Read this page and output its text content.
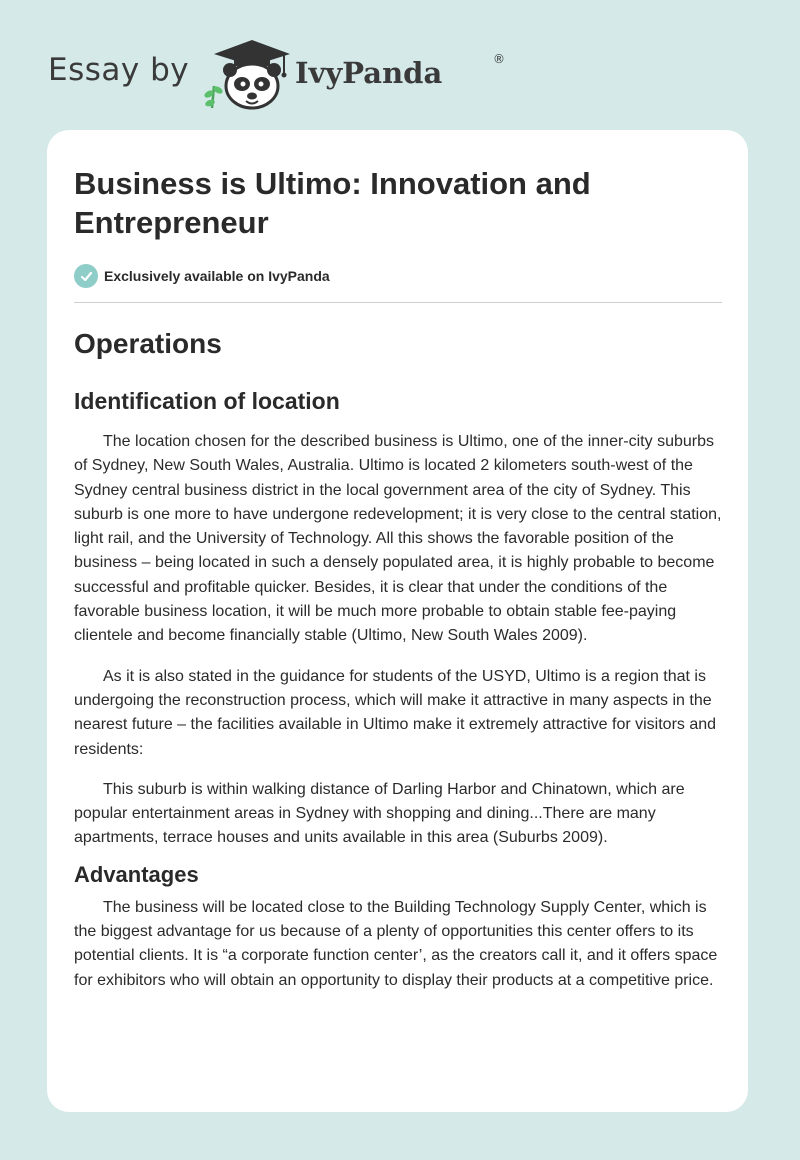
Essay by	IvyPanda	®
Business is Ultimo: Innovation and Entrepreneur
Exclusively available on IvyPanda
Operations
Identification of location

The location chosen for the described business is Ultimo, one of the inner-city suburbs of Sydney, New South Wales, Australia. Ultimo is located 2 kilometers south-west of the Sydney central business district in the local government area of the city of Sydney. This suburb is one more to have undergone redevelopment; it is very close to the central station, light rail, and the University of Technology. All this shows the favorable position of the business – being located in such a densely populated area, it is highly probable to become successful and profitable quicker. Besides, it is clear that under the conditions of the favorable business location, it will be much more probable to obtain stable fee-paying clientele and become financially stable (Ultimo, New South Wales 2009).

As it is also stated in the guidance for students of the USYD, Ultimo is a region that is undergoing the reconstruction process, which will make it attractive in many aspects in the nearest future – the facilities available in Ultimo make it extremely attractive for visitors and residents:

This suburb is within walking distance of Darling Harbor and Chinatown, which are popular entertainment areas in Sydney with shopping and dining...There are many apartments, terrace houses and units available in this area (Suburbs 2009).

Advantages

The business will be located close to the Building Technology Supply Center, which is the biggest advantage for us because of a plenty of opportunities this center offers to its potential clients. It is “a corporate function center’, as the creators call it, and it offers space for exhibitors who will obtain an opportunity to display their products at a competitive price.
